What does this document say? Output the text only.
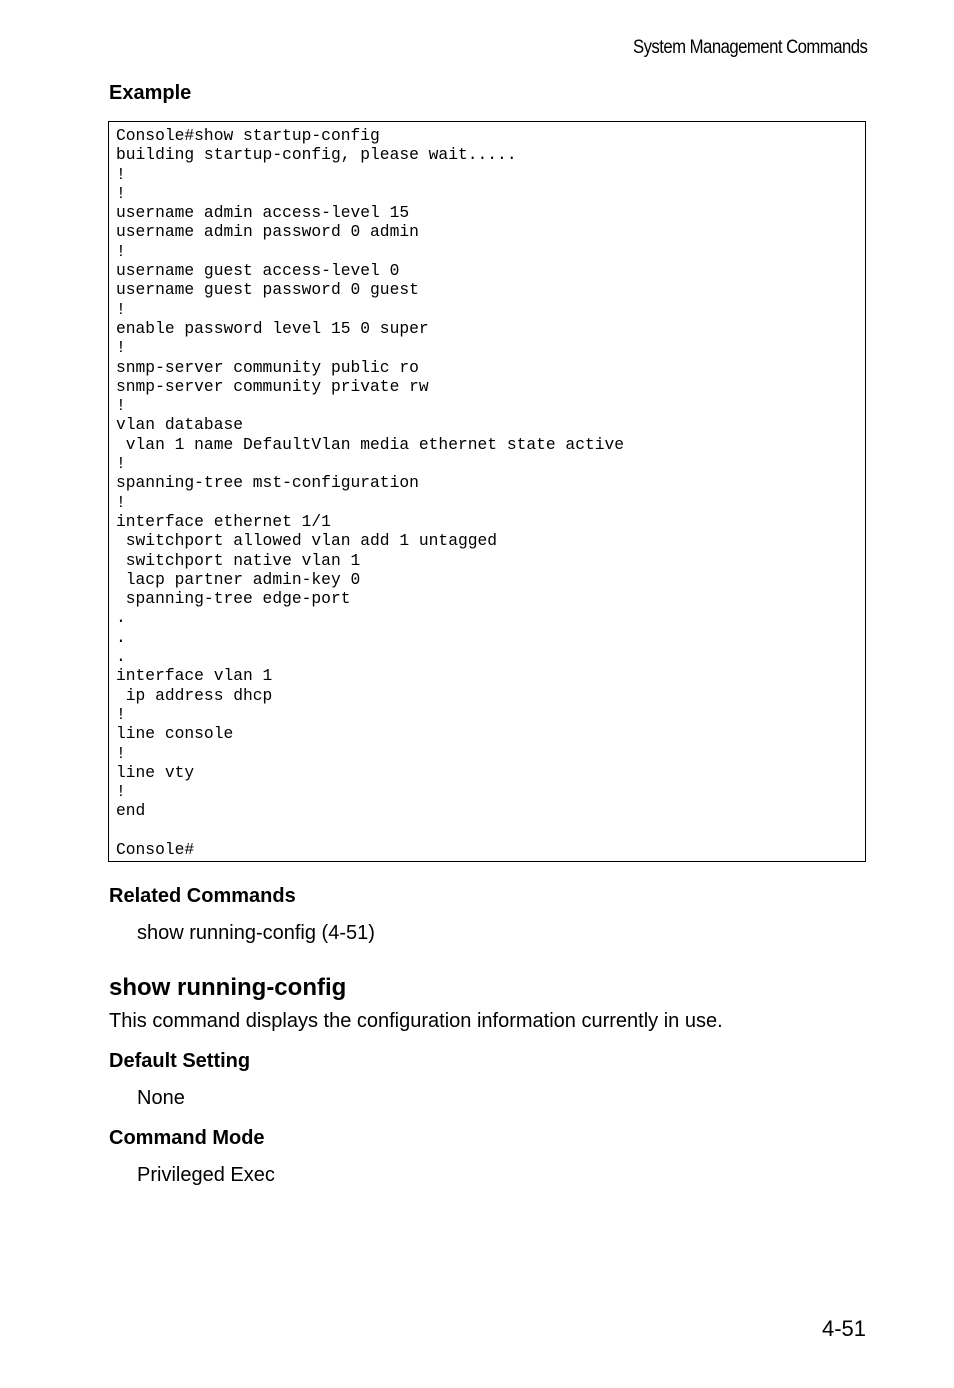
System Management Commands
Example
Console#show startup-config
building startup-config, please wait.....
!
!
username admin access-level 15
username admin password 0 admin
!
username guest access-level 0
username guest password 0 guest
!
enable password level 15 0 super
!
snmp-server community public ro
snmp-server community private rw
!
vlan database
vlan 1 name DefaultVlan media ethernet state active
!
spanning-tree mst-configuration
!
interface ethernet 1/1
switchport allowed vlan add 1 untagged
switchport native vlan 1
lacp partner admin-key 0
spanning-tree edge-port
.
.
.
interface vlan 1
ip address dhcp
!
line console
!
line vty
!
end
Console#
Related Commands

show running-config (4-51)

show running-config

This command displays the configuration information currently in use.

Default Setting

None

Command Mode

Privileged Exec

4-51
